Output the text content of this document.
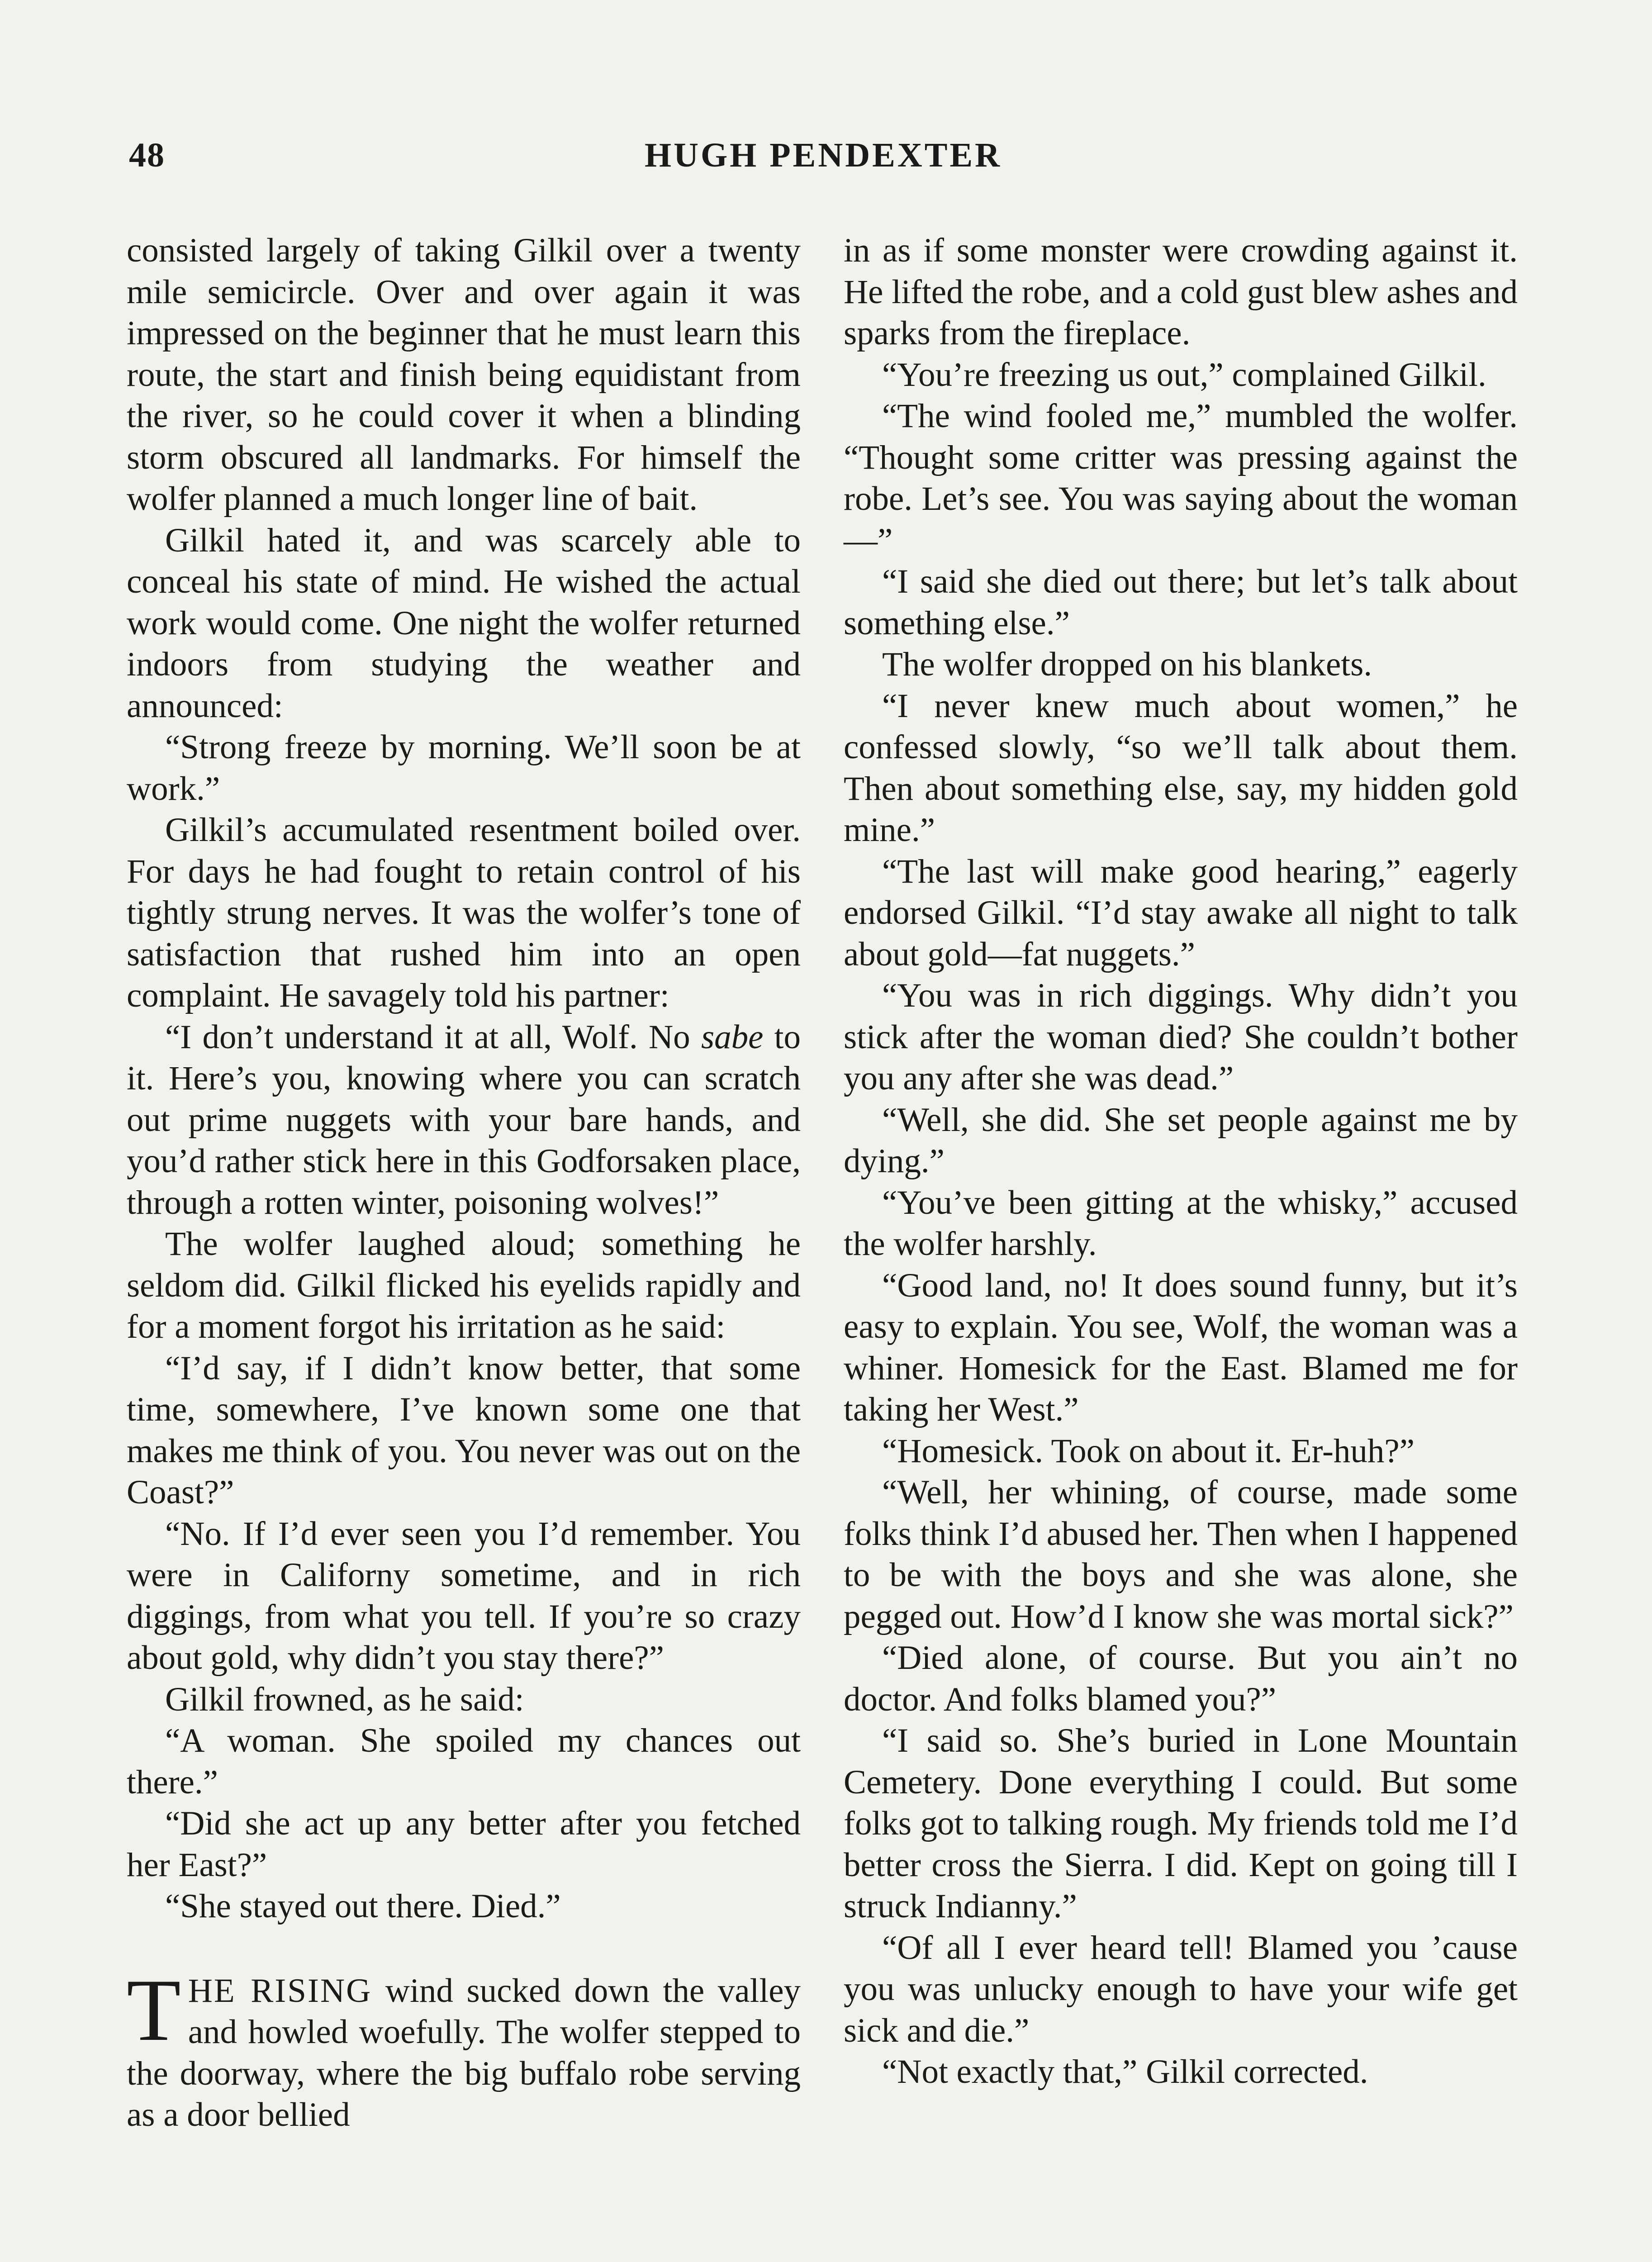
48	HUGH PENDEXTER

consisted largely of taking Gilkil over a twenty mile semicircle. Over and over again it was impressed on the beginner that he must learn this route, the start and finish being equidistant from the river, so he could cover it when a blinding storm obscured all landmarks. For himself the wolfer planned a much longer line of bait.

Gilkil hated it, and was scarcely able to conceal his state of mind. He wished the actual work would come. One night the wolfer returned indoors from studying the weather and announced:

“Strong freeze by morning. We’ll soon be at work.”

Gilkil’s accumulated resentment boiled over. For days he had fought to retain control of his tightly strung nerves. It was the wolfer’s tone of satisfaction that rushed him into an open complaint. He savagely told his partner:

“I don’t understand it at all, Wolf. No sabe to it. Here’s you, knowing where you can scratch out prime nuggets with your bare hands, and you’d rather stick here in this Godforsaken place, through a rotten winter, poisoning wolves!”

The wolfer laughed aloud; something he seldom did. Gilkil flicked his eyelids rapidly and for a moment forgot his irritation as he said:

“I’d say, if I didn’t know better, that some time, somewhere, I’ve known some one that makes me think of you. You never was out on the Coast?”

“No. If I’d ever seen you I’d remember. You were in Californy sometime, and in rich diggings, from what you tell. If you’re so crazy about gold, why didn’t you stay there?”

Gilkil frowned, as he said:

“A woman. She spoiled my chances out there.”

“Did she act up any better after you fetched her East?”

“She stayed out there. Died.”

THE RISING wind sucked down the valley and howled woefully. The wolfer stepped to the doorway, where the big buffalo robe serving as a door bellied

in as if some monster were crowding against it. He lifted the robe, and a cold gust blew ashes and sparks from the fireplace.

“You’re freezing us out,” complained Gilkil.

“The wind fooled me,” mumbled the wolfer. “Thought some critter was pressing against the robe. Let’s see. You was saying about the woman—”

“I said she died out there; but let’s talk about something else.”

The wolfer dropped on his blankets.

“I never knew much about women,” he confessed slowly, “so we’ll talk about them. Then about something else, say, my hidden gold mine.”

“The last will make good hearing,” eagerly endorsed Gilkil. “I’d stay awake all night to talk about gold—fat nuggets.”

“You was in rich diggings. Why didn’t you stick after the woman died? She couldn’t bother you any after she was dead.”

“Well, she did. She set people against me by dying.”

“You’ve been gitting at the whisky,” accused the wolfer harshly.

“Good land, no! It does sound funny, but it’s easy to explain. You see, Wolf, the woman was a whiner. Homesick for the East. Blamed me for taking her West.”

“Homesick. Took on about it. Er-huh?”

“Well, her whining, of course, made some folks think I’d abused her. Then when I happened to be with the boys and she was alone, she pegged out. How’d I know she was mortal sick?”

“Died alone, of course. But you ain’t no doctor. And folks blamed you?”

“I said so. She’s buried in Lone Mountain Cemetery. Done everything I could. But some folks got to talking rough. My friends told me I’d better cross the Sierra. I did. Kept on going till I struck Indianny.”

“Of all I ever heard tell! Blamed you ’cause you was unlucky enough to have your wife get sick and die.”

“Not exactly that,” Gilkil corrected.
